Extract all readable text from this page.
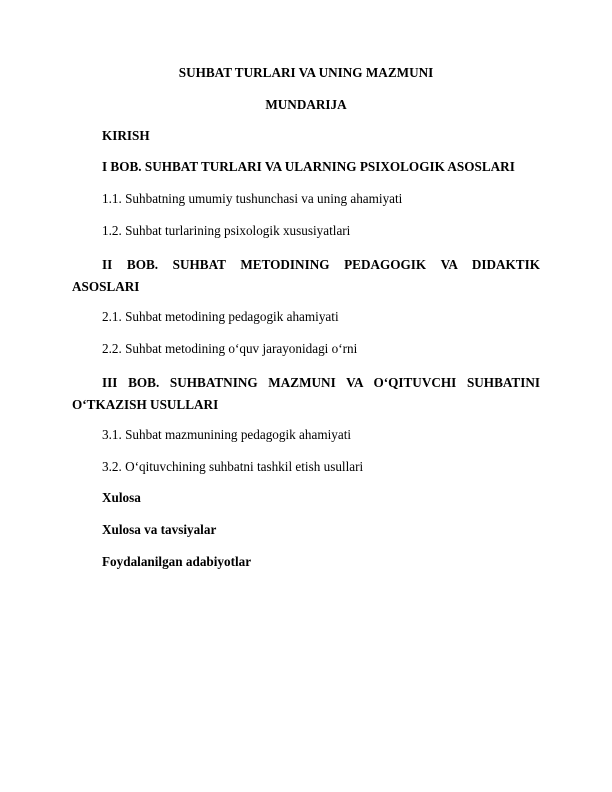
SUHBAT TURLARI VA UNING MAZMUNI
MUNDARIJA
KIRISH
I BOB. SUHBAT TURLARI VA ULARNING PSIXOLOGIK ASOSLARI
1.1. Suhbatning umumiy tushunchasi va uning ahamiyati
1.2. Suhbat turlarining psixologik xususiyatlari
II BOB. SUHBAT METODINING PEDAGOGIK VA DIDAKTIK
ASOSLARI
2.1. Suhbat metodining pedagogik ahamiyati
2.2. Suhbat metodining o‘quv jarayonidagi o‘rni
III BOB. SUHBATNING MAZMUNI VA O‘QITUVCHI SUHBATINI
O‘TKAZISH USULLARI
3.1. Suhbat mazmunining pedagogik ahamiyati
3.2. O‘qituvchining suhbatni tashkil etish usullari
Xulosa
Xulosa va tavsiyalar
Foydalanilgan adabiyotlar
